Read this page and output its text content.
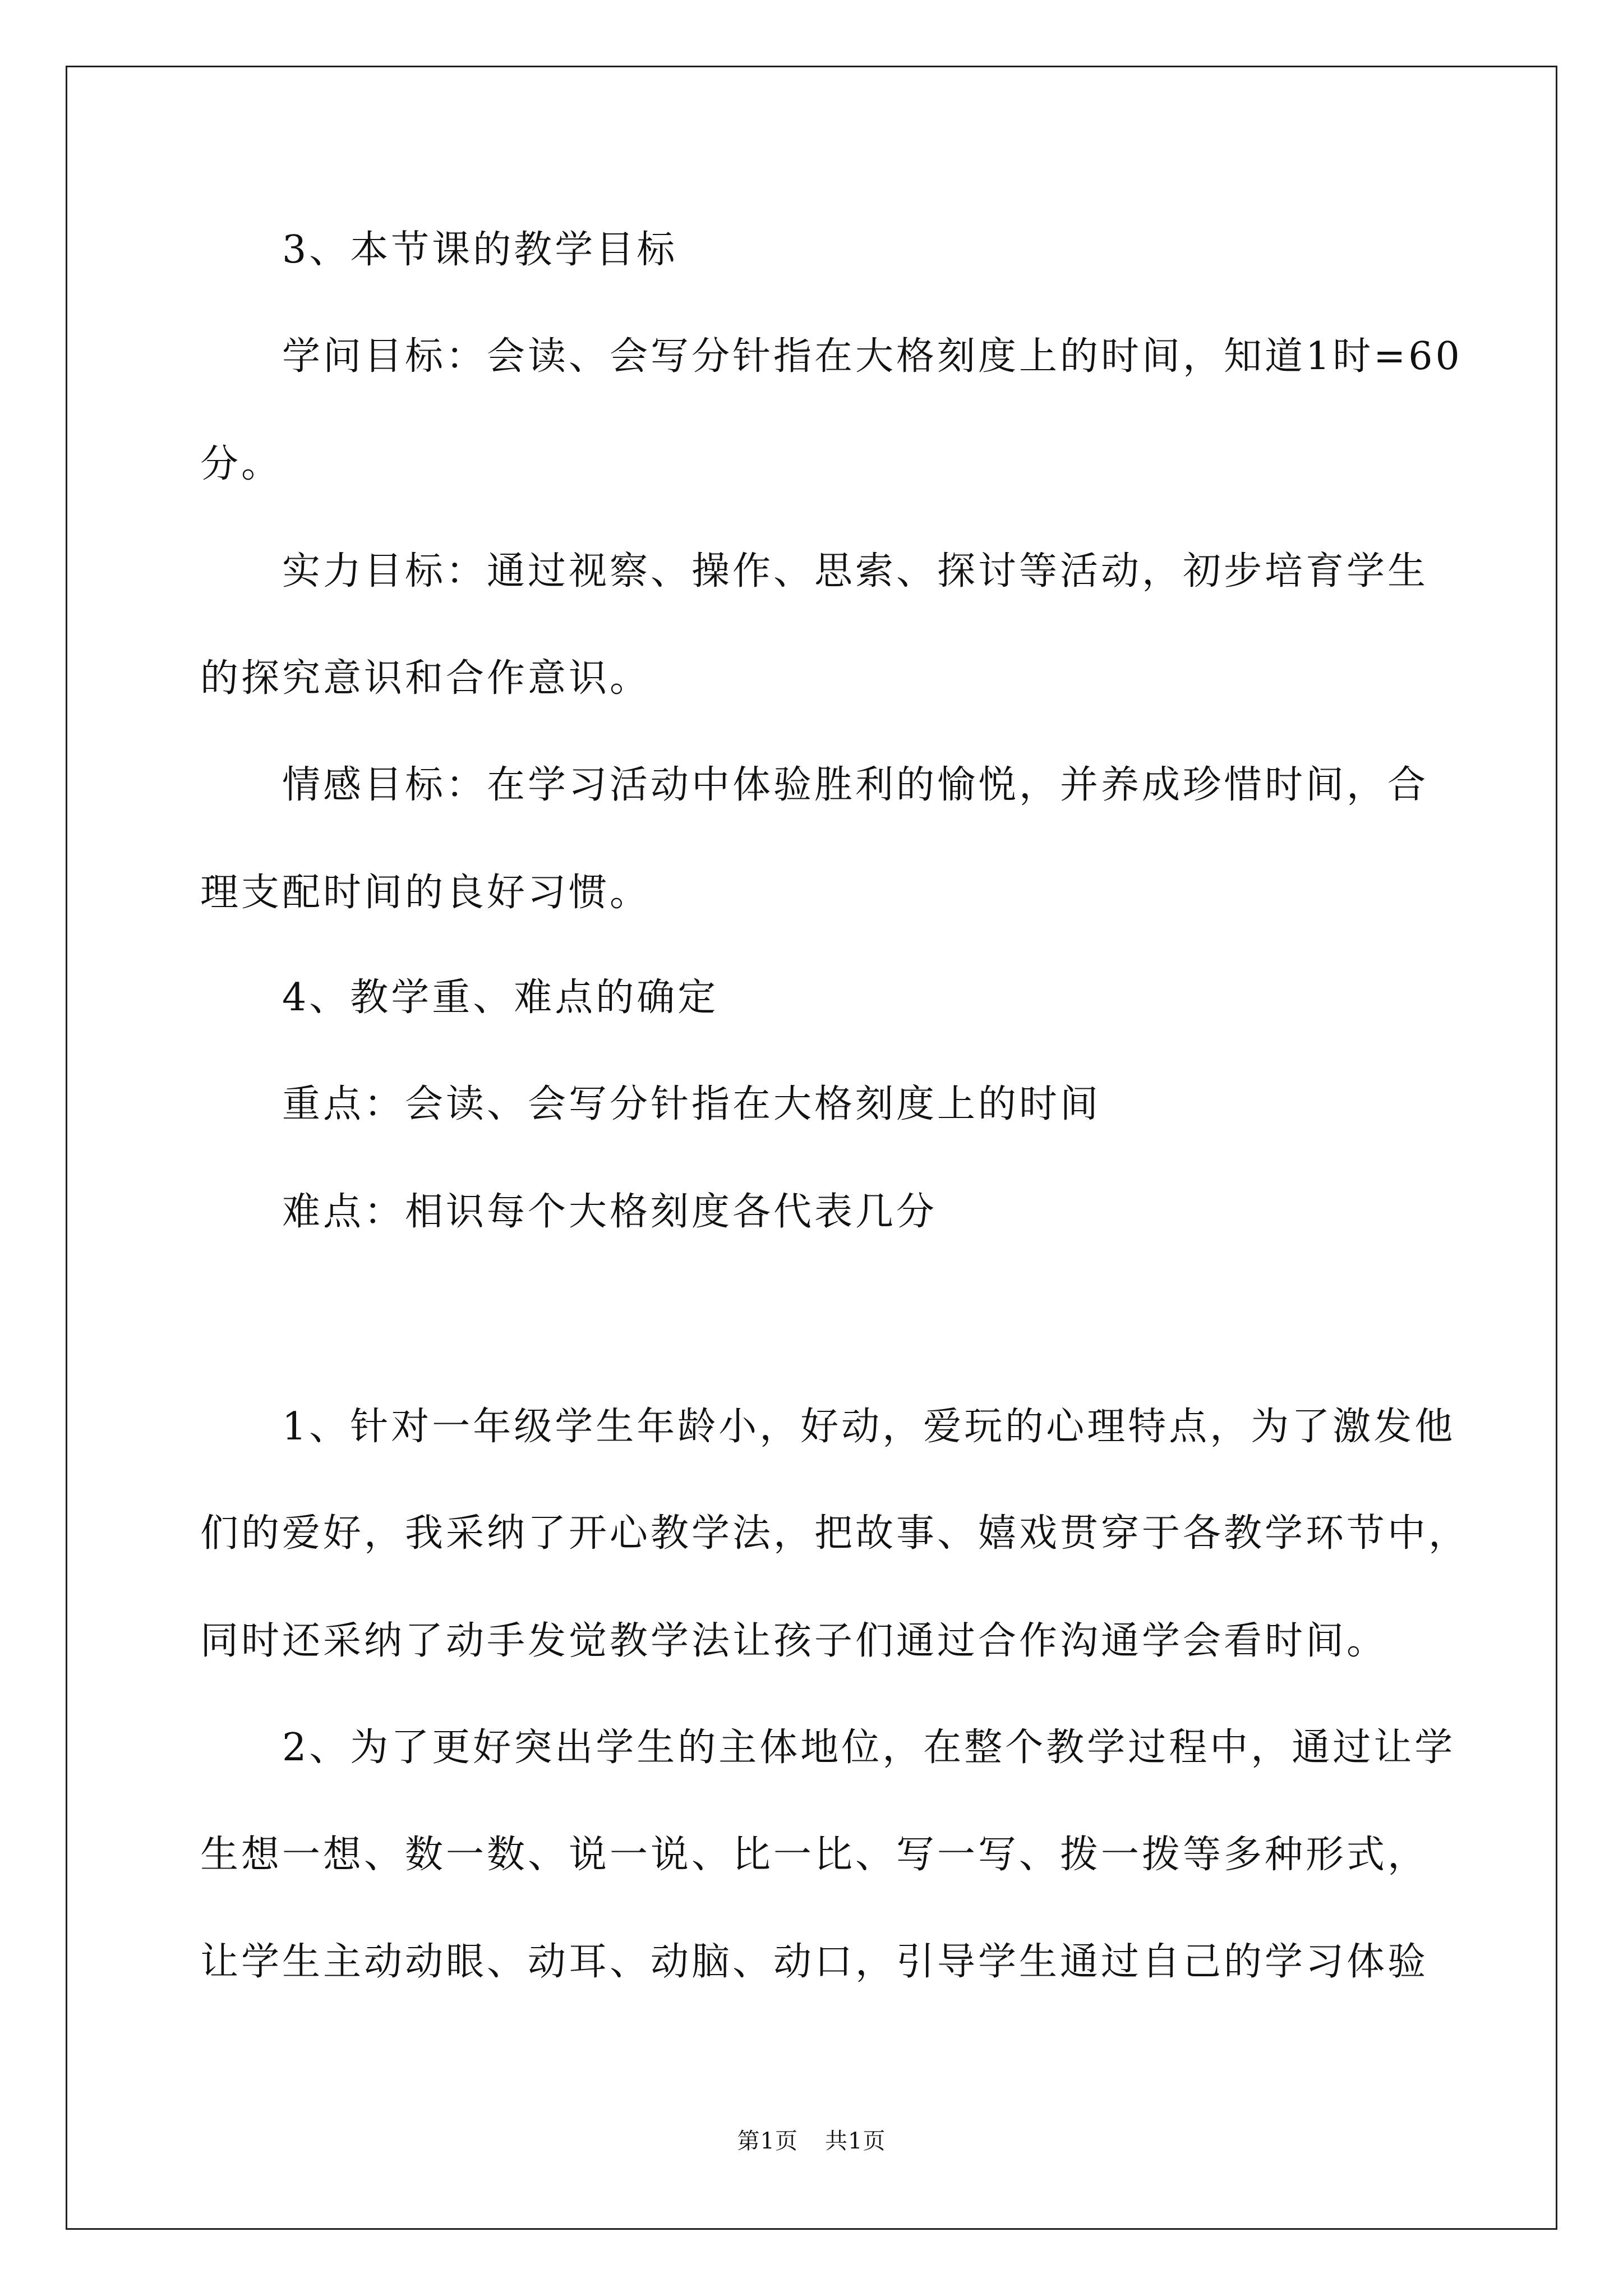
　　3、本节课的教学目标
　　学问目标：会读、会写分针指在大格刻度上的时间，知道1时=60
分。
　　实力目标：通过视察、操作、思索、探讨等活动，初步培育学生
的探究意识和合作意识。
　　情感目标：在学习活动中体验胜利的愉悦，并养成珍惜时间，合
理支配时间的良好习惯。
　　4、教学重、难点的确定
　　重点：会读、会写分针指在大格刻度上的时间
　　难点：相识每个大格刻度各代表几分
　　1、针对一年级学生年龄小，好动，爱玩的心理特点，为了激发他
们的爱好，我采纳了开心教学法，把故事、嬉戏贯穿于各教学环节中，
同时还采纳了动手发觉教学法让孩子们通过合作沟通学会看时间。
　　2、为了更好突出学生的主体地位，在整个教学过程中，通过让学
生想一想、数一数、说一说、比一比、写一写、拨一拨等多种形式，
让学生主动动眼、动耳、动脑、动口，引导学生通过自己的学习体验
第1页 共1页
